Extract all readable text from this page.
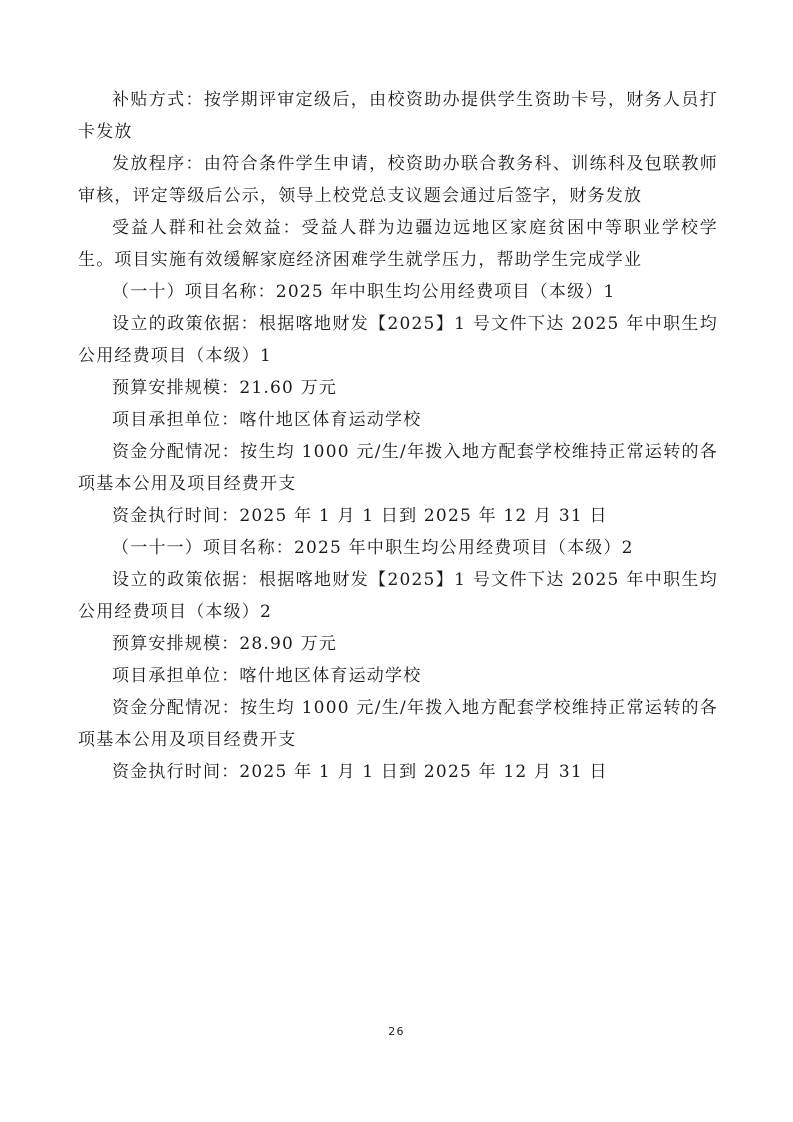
补贴方式：按学期评审定级后，由校资助办提供学生资助卡号，财务人员打卡发放

发放程序：由符合条件学生申请，校资助办联合教务科、训练科及包联教师审核，评定等级后公示，领导上校党总支议题会通过后签字，财务发放

受益人群和社会效益：受益人群为边疆边远地区家庭贫困中等职业学校学生。项目实施有效缓解家庭经济困难学生就学压力，帮助学生完成学业

（一十）项目名称：2025 年中职生均公用经费项目（本级）1

设立的政策依据：根据喀地财发【2025】1 号文件下达 2025 年中职生均公用经费项目（本级）1

预算安排规模：21.60 万元

项目承担单位：喀什地区体育运动学校

资金分配情况：按生均 1000 元/生/年拨入地方配套学校维持正常运转的各项基本公用及项目经费开支

资金执行时间：2025 年 1 月 1 日到 2025 年 12 月 31 日

（一十一）项目名称：2025 年中职生均公用经费项目（本级）2

设立的政策依据：根据喀地财发【2025】1 号文件下达 2025 年中职生均公用经费项目（本级）2

预算安排规模：28.90 万元

项目承担单位：喀什地区体育运动学校

资金分配情况：按生均 1000 元/生/年拨入地方配套学校维持正常运转的各项基本公用及项目经费开支

资金执行时间：2025 年 1 月 1 日到 2025 年 12 月 31 日

26
